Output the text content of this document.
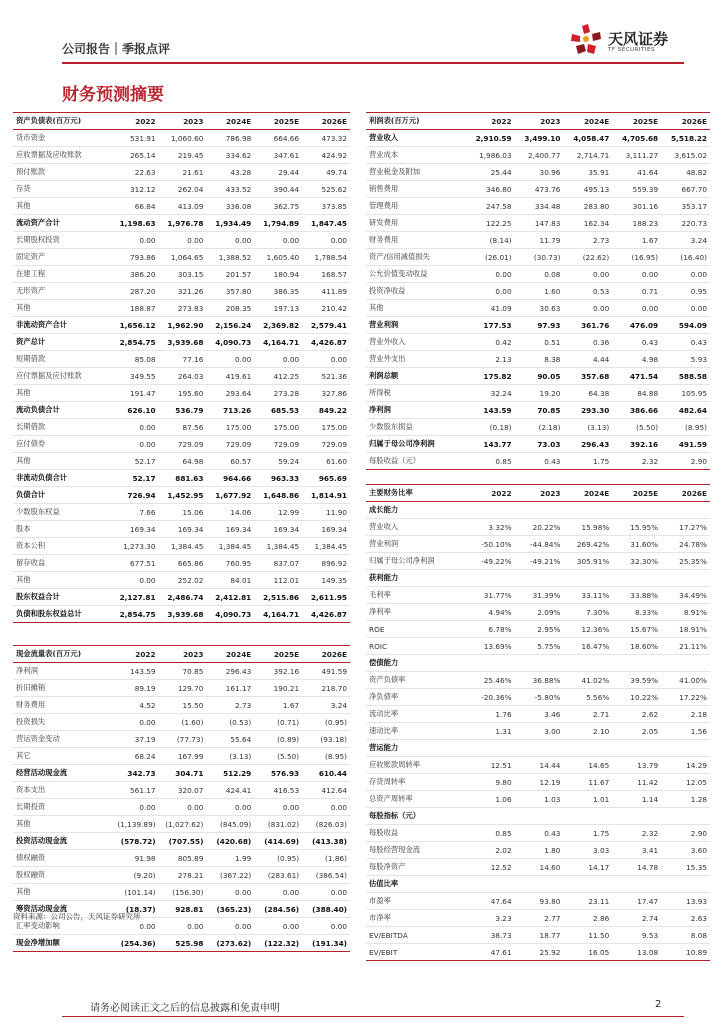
公司报告｜季报点评
天风证券
TF SECURITIES
财务预测摘要
资产负债表(百万元)	2022	2023	2024E	2025E	2026E
货币资金	531.91	1,060.60	786.98	664.66	473.32
应收票据及应收账款	265.14	219.45	334.62	347.61	424.92
预付账款	22.63	21.61	43.28	29.44	49.74
存货	312.12	262.04	433.52	390.44	525.62
其他	66.84	413.09	336.08	362.75	373.85
流动资产合计	1,198.63	1,976.78	1,934.49	1,794.89	1,847.45
长期股权投资	0.00	0.00	0.00	0.00	0.00
固定资产	793.86	1,064.65	1,388.52	1,605.40	1,788.54
在建工程	386.20	303.15	201.57	180.94	168.57
无形资产	287.20	321.26	357.80	386.35	411.89
其他	188.87	273.83	208.35	197.13	210.42
非流动资产合计	1,656.12	1,962.90	2,156.24	2,369.82	2,579.41
资产总计	2,854.75	3,939.68	4,090.73	4,164.71	4,426.87
短期借款	85.08	77.16	0.00	0.00	0.00
应付票据及应付账款	349.55	264.03	419.61	412.25	521.36
其他	191.47	195.60	293.64	273.28	327.86
流动负债合计	626.10	536.79	713.26	685.53	849.22
长期借款	0.00	87.56	175.00	175.00	175.00
应付债券	0.00	729.09	729.09	729.09	729.09
其他	52.17	64.98	60.57	59.24	61.60
非流动负债合计	52.17	881.63	964.66	963.33	965.69
负债合计	726.94	1,452.95	1,677.92	1,648.86	1,814.91
少数股东权益	7.66	15.06	14.06	12.99	11.90
股本	169.34	169.34	169.34	169.34	169.34
资本公积	1,273.30	1,384.45	1,384.45	1,384.45	1,384.45
留存收益	677.51	665.86	760.95	837.07	896.92
其他	0.00	252.02	84.01	112.01	149.35
股东权益合计	2,127.81	2,486.74	2,412.81	2,515.86	2,611.95
负债和股东权益总计	2,854.75	3,939.68	4,090.73	4,164.71	4,426.87
利润表(百万元)	2022	2023	2024E	2025E	2026E
营业收入	2,910.59	3,499.10	4,058.47	4,705.68	5,518.22
营业成本	1,986.03	2,400.77	2,714.71	3,111.27	3,615.02
营业税金及附加	25.44	30.96	35.91	41.64	48.82
销售费用	346.80	473.76	495.13	559.39	667.70
管理费用	247.58	334.48	283.80	301.16	353.17
研发费用	122.25	147.83	162.34	188.23	220.73
财务费用	(8.14)	11.79	2.73	1.67	3.24
资产/信用减值损失	(26.01)	(30.73)	(22.62)	(16.95)	(16.40)
公允价值变动收益	0.00	0.08	0.00	0.00	0.00
投资净收益	0.00	1.60	0.53	0.71	0.95
其他	41.09	30.63	0.00	0.00	0.00
营业利润	177.53	97.93	361.76	476.09	594.09
营业外收入	0.42	0.51	0.36	0.43	0.43
营业外支出	2.13	8.38	4.44	4.98	5.93
利润总额	175.82	90.05	357.68	471.54	588.58
所得税	32.24	19.20	64.38	84.88	105.95
净利润	143.59	70.85	293.30	386.66	482.64
少数股东损益	(0.18)	(2.18)	(3.13)	(5.50)	(8.95)
归属于母公司净利润	143.77	73.03	296.43	392.16	491.59
每股收益（元）	0.85	0.43	1.75	2.32	2.90
主要财务比率	2022	2023	2024E	2025E	2026E
成长能力					
营业收入	3.32%	20.22%	15.98%	15.95%	17.27%
营业利润	-50.10%	-44.84%	269.42%	31.60%	24.78%
归属于母公司净利润	-49.22%	-49.21%	305.91%	32.30%	25.35%
获利能力					
毛利率	31.77%	31.39%	33.11%	33.88%	34.49%
净利率	4.94%	2.09%	7.30%	8.33%	8.91%
ROE	6.78%	2.95%	12.36%	15.67%	18.91%
ROIC	13.69%	5.75%	16.47%	18.60%	21.11%
偿债能力					
资产负债率	25.46%	36.88%	41.02%	39.59%	41.00%
净负债率	-20.36%	-5.80%	5.56%	10.22%	17.22%
流动比率	1.76	3.46	2.71	2.62	2.18
速动比率	1.31	3.00	2.10	2.05	1.56
营运能力					
应收账款周转率	12.51	14.44	14.65	13.79	14.29
存货周转率	9.80	12.19	11.67	11.42	12.05
总资产周转率	1.06	1.03	1.01	1.14	1.28
每股指标（元）					
每股收益	0.85	0.43	1.75	2.32	2.90
每股经营现金流	2.02	1.80	3.03	3.41	3.60
每股净资产	12.52	14.60	14.17	14.78	15.35
估值比率					
市盈率	47.64	93.80	23.11	17.47	13.93
市净率	3.23	2.77	2.86	2.74	2.63
EV/EBITDA	38.73	18.77	11.50	9.53	8.08
EV/EBIT	47.61	25.92	16.05	13.08	10.89
现金流量表(百万元)	2022	2023	2024E	2025E	2026E
净利润	143.59	70.85	296.43	392.16	491.59
折旧摊销	89.19	129.70	161.17	190.21	218.70
财务费用	4.52	15.50	2.73	1.67	3.24
投资损失	0.00	(1.60)	(0.53)	(0.71)	(0.95)
营运资金变动	37.19	(77.73)	55.64	(0.89)	(93.18)
其它	68.24	167.99	(3.13)	(5.50)	(8.95)
经营活动现金流	342.73	304.71	512.29	576.93	610.44
资本支出	561.17	320.07	424.41	416.53	412.64
长期投资	0.00	0.00	0.00	0.00	0.00
其他	(1,139.89)	(1,027.62)	(845.09)	(831.02)	(826.03)
投资活动现金流	(578.72)	(707.55)	(420.68)	(414.69)	(413.38)
债权融资	91.98	805.89	1.99	(0.95)	(1.86)
股权融资	(9.20)	278.21	(367.22)	(283.61)	(386.54)
其他	(101.14)	(156.30)	0.00	0.00	0.00
筹资活动现金流	(18.37)	928.81	(365.23)	(284.56)	(388.40)
汇率变动影响	0.00	0.00	0.00	0.00	0.00
现金净增加额	(254.36)	525.98	(273.62)	(122.32)	(191.34)
资料来源：公司公告，天风证券研究所
请务必阅读正文之后的信息披露和免责申明	2
